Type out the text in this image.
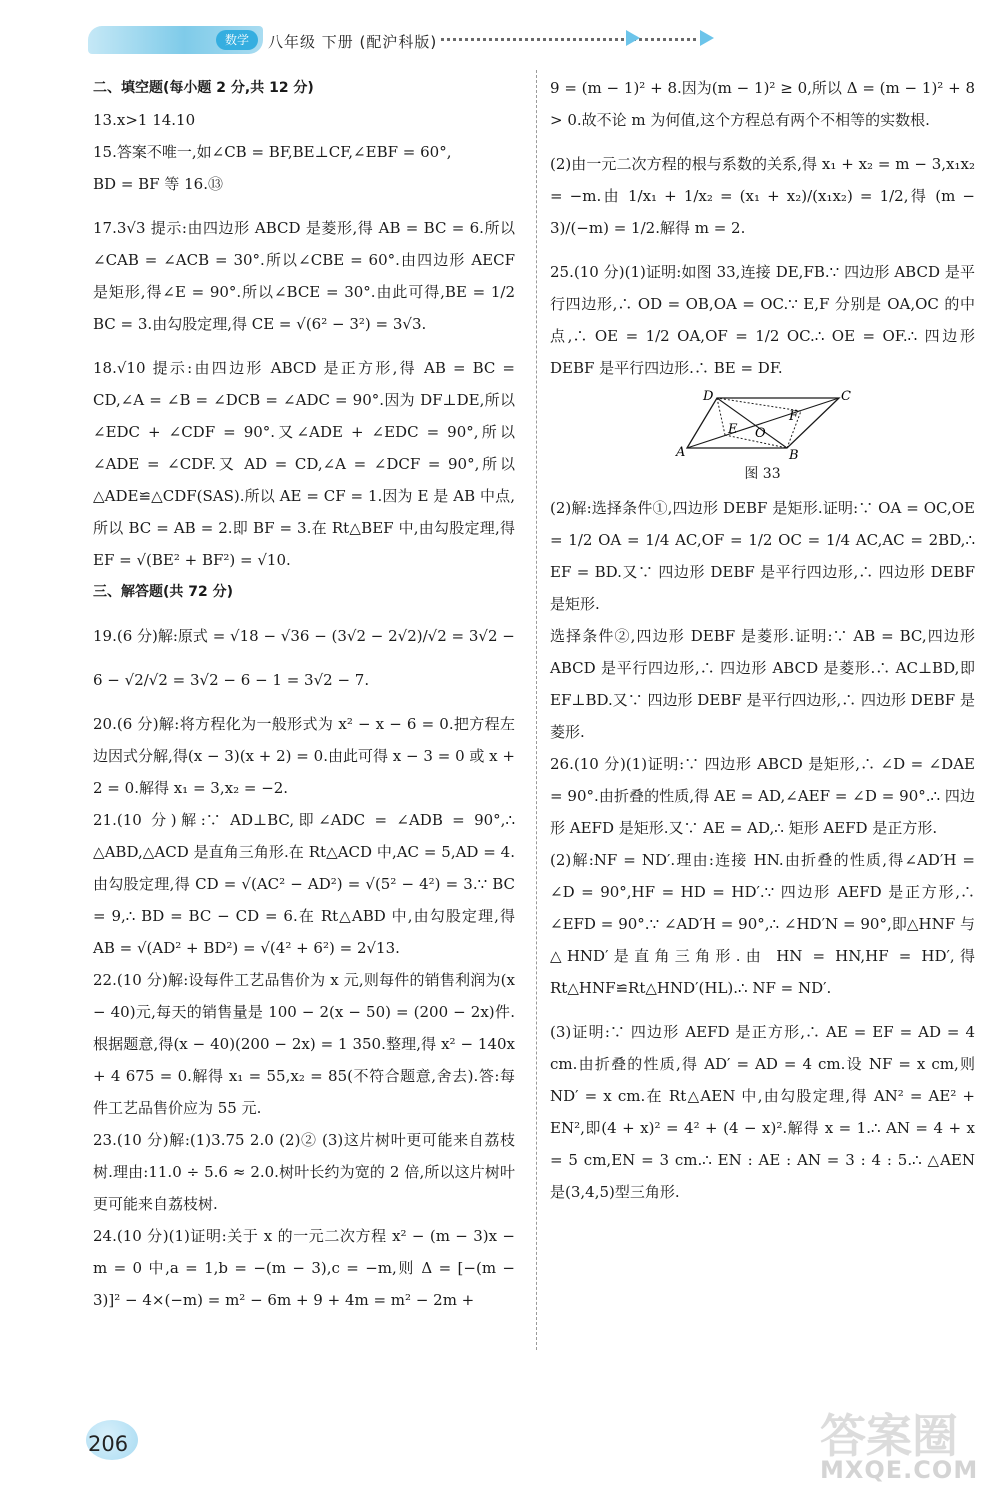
数学	八年级 下册 (配沪科版)

二、填空题(每小题 2 分,共 12 分)

13.x>1 14.10

15.答案不唯一,如∠CB = BF,BE⊥CF,∠EBF = 60°,

BD = BF 等 16.⑬

17.3√3 提示:由四边形 ABCD 是菱形,得 AB = BC = 6.所以∠CAB = ∠ACB = 30°.所以∠CBE = 60°.由四边形 AECF 是矩形,得∠E = 90°.所以∠BCE = 30°.由此可得,BE = 1/2 BC = 3.由勾股定理,得 CE = √(6² − 3²) = 3√3.

18.√10 提示:由四边形 ABCD 是正方形,得 AB = BC = CD,∠A = ∠B = ∠DCB = ∠ADC = 90°.因为 DF⊥DE,所以∠EDC + ∠CDF = 90°.又∠ADE + ∠EDC = 90°,所以∠ADE = ∠CDF.又 AD = CD,∠A = ∠DCF = 90°,所以△ADE≌△CDF(SAS).所以 AE = CF = 1.因为 E 是 AB 中点,所以 BC = AB = 2.即 BF = 3.在 Rt△BEF 中,由勾股定理,得 EF = √(BE² + BF²) = √10.

三、解答题(共 72 分)

19.(6 分)解:原式 = √18 − √36 − (3√2 − 2√2)/√2 = 3√2 −

6 − √2/√2 = 3√2 − 6 − 1 = 3√2 − 7.

20.(6 分)解:将方程化为一般形式为 x² − x − 6 = 0.把方程左边因式分解,得(x − 3)(x + 2) = 0.由此可得 x − 3 = 0 或 x + 2 = 0.解得 x₁ = 3,x₂ = −2.

21.(10 分)解:∵ AD⊥BC,即∠ADC = ∠ADB = 90°,∴ △ABD,△ACD 是直角三角形.在 Rt△ACD 中,AC = 5,AD = 4.由勾股定理,得 CD = √(AC² − AD²) = √(5² − 4²) = 3.∵ BC = 9,∴ BD = BC − CD = 6.在 Rt△ABD 中,由勾股定理,得 AB = √(AD² + BD²) = √(4² + 6²) = 2√13.

22.(10 分)解:设每件工艺品售价为 x 元,则每件的销售利润为(x − 40)元,每天的销售量是 100 − 2(x − 50) = (200 − 2x)件.根据题意,得(x − 40)(200 − 2x) = 1 350.整理,得 x² − 140x + 4 675 = 0.解得 x₁ = 55,x₂ = 85(不符合题意,舍去).答:每件工艺品售价应为 55 元.

23.(10 分)解:(1)3.75 2.0 (2)② (3)这片树叶更可能来自荔枝树.理由:11.0 ÷ 5.6 ≈ 2.0.树叶长约为宽的 2 倍,所以这片树叶更可能来自荔枝树.

24.(10 分)(1)证明:关于 x 的一元二次方程 x² − (m − 3)x − m = 0 中,a = 1,b = −(m − 3),c = −m,则 Δ = [−(m − 3)]² − 4×(−m) = m² − 6m + 9 + 4m = m² − 2m +

9 = (m − 1)² + 8.因为(m − 1)² ≥ 0,所以 Δ = (m − 1)² + 8 > 0.故不论 m 为何值,这个方程总有两个不相等的实数根.

(2)由一元二次方程的根与系数的关系,得 x₁ + x₂ = m − 3,x₁x₂ = −m.由 1/x₁ + 1/x₂ = (x₁ + x₂)/(x₁x₂) = 1/2,得 (m − 3)/(−m) = 1/2.解得 m = 2.

25.(10 分)(1)证明:如图 33,连接 DE,FB.∵ 四边形 ABCD 是平行四边形,∴ OD = OB,OA = OC.∵ E,F 分别是 OA,OC 的中点,∴ OE = 1/2 OA,OF = 1/2 OC.∴ OE = OF.∴ 四边形 DEBF 是平行四边形.∴ BE = DF.

A	B
C
D
E
F
O
图 33

(2)解:选择条件①,四边形 DEBF 是矩形.证明:∵ OA = OC,OE = 1/2 OA = 1/4 AC,OF = 1/2 OC = 1/4 AC,AC = 2BD,∴ EF = BD.又∵ 四边形 DEBF 是平行四边形,∴ 四边形 DEBF 是矩形.

选择条件②,四边形 DEBF 是菱形.证明:∵ AB = BC,四边形 ABCD 是平行四边形,∴ 四边形 ABCD 是菱形.∴ AC⊥BD,即 EF⊥BD.又∵ 四边形 DEBF 是平行四边形,∴ 四边形 DEBF 是菱形.

26.(10 分)(1)证明:∵ 四边形 ABCD 是矩形,∴ ∠D = ∠DAE = 90°.由折叠的性质,得 AE = AD,∠AEF = ∠D = 90°.∴ 四边形 AEFD 是矩形.又∵ AE = AD,∴ 矩形 AEFD 是正方形.

(2)解:NF = ND′.理由:连接 HN.由折叠的性质,得∠AD′H = ∠D = 90°,HF = HD = HD′.∵ 四边形 AEFD 是正方形,∴ ∠EFD = 90°.∵ ∠AD′H = 90°,∴ ∠HD′N = 90°,即△HNF 与△HND′是直角三角形.由 HN = HN,HF = HD′,得 Rt△HNF≌Rt△HND′(HL).∴ NF = ND′.

(3)证明:∵ 四边形 AEFD 是正方形,∴ AE = EF = AD = 4 cm.由折叠的性质,得 AD′ = AD = 4 cm.设 NF = x cm,则 ND′ = x cm.在 Rt△AEN 中,由勾股定理,得 AN² = AE² + EN²,即(4 + x)² = 4² + (4 − x)².解得 x = 1.∴ AN = 4 + x = 5 cm,EN = 3 cm.∴ EN : AE : AN = 3 : 4 : 5.∴ △AEN 是(3,4,5)型三角形.

206	答案圈
MXQE.COM
